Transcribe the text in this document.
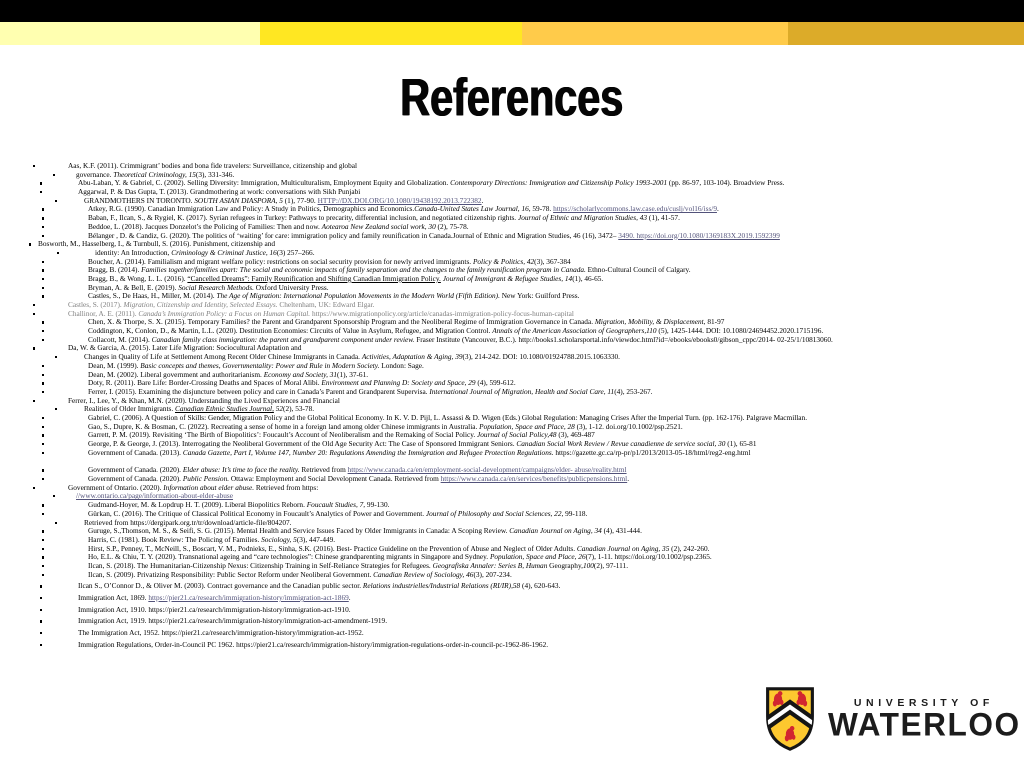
References
Aas, K.F. (2011). Crimmigrant’ bodies and bona fide travelers: Surveillance, citizenship and global
governance. Theoretical Criminology, 15(3), 331-346.
Abu-Laban, Y. & Gabriel, C. (2002). Selling Diversity: Immigration, Multiculturalism, Employment Equity and Globalization. Contemporary Directions: Immigration and Citizenship Policy 1993-2001 (pp. 86-97, 103-104). Broadview Press.
Aggarwal, P. & Das Gupta, T. (2013). Grandmothering at work: conversations with Sikh Punjabi
GRANDMOTHERS IN TORONTO. SOUTH ASIAN DIASPORA, 5 (1), 77-90. HTTP://DX.DOI.ORG/10.1080/19438192.2013.722382.
Atkey, R.G. (1990). Canadian Immigration Law and Policy: A Study in Politics, Demographics and Economics.Canada-United States Law Journal, 16, 59-78. https://scholarlycommons.law.case.edu/cuslj/vol16/iss/9.
Baban, F., Ilcan, S., & Rygiel, K. (2017). Syrian refugees in Turkey: Pathways to precarity, differential inclusion, and negotiated citizenship rights. Journal of Ethnic and Migration Studies, 43 (1), 41-57.
Beddoe, L. (2018). Jacques Donzelot’s the Policing of Families: Then and now. Aotearoa New Zealand social work, 30 (2), 75-78.
Bélanger , D. & Candiz, G. (2020). The politics of ‘waiting’ for care: immigration policy and family reunification in Canada.Journal of Ethnic and Migration Studies, 46 (16), 3472– 3490. https://doi.org/10.1080/1369183X.2019.1592399
Bosworth, M., Hasselberg, I., & Turnbull, S. (2016). Punishment, citizenship and
identity: An Introduction, Criminology & Criminal Justice, 16(3) 257–266.
Boucher, A. (2014). Familialism and migrant welfare policy: restrictions on social security provision for newly arrived immigrants. Policy & Politics, 42(3), 367-384
Bragg, B. (2014). Families together/families apart: The social and economic impacts of family separation and the changes to the family reunification program in Canada. Ethno-Cultural Council of Calgary.
Bragg, B., & Wong, L. L. (2016). “Cancelled Dreams”: Family Reunification and Shifting Canadian Immigration Policy. Journal of Immigrant & Refugee Studies, 14(1), 46-65.
Bryman, A. & Bell, E. (2019). Social Research Methods. Oxford University Press.
Castles, S., De Haas, H., Miller, M. (2014). The Age of Migration: International Population Movements in the Modern World (Fifth Edition). New York: Guilford Press.
Castles, S. (2017). Migration, Citizenship and Identity, Selected Essays. Cheltenham, UK: Edward Elgar.
Challinor, A. E. (2011). Canada’s Immigration Policy: a Focus on Human Capital. https://www.migrationpolicy.org/article/canadas-immigration-policy-focus-human-capital
Chen, X. & Thorpe, S. X. (2015). Temporary Families? the Parent and Grandparent Sponsorship Program and the Neoliberal Regime of Immigration Governance in Canada. Migration, Mobility, & Displacement, 81-97
Coddington, K, Conlon, D., & Martin, L.L. (2020). Destitution Economies: Circuits of Value in Asylum, Refugee, and Migration Control. Annals of the American Association of Geographers,110 (5), 1425-1444. DOI: 10.1080/24694452.2020.1715196.
Collacott, M. (2014). Canadian family class immigration: the parent and grandparent component under review. Fraser Institute (Vancouver, B.C.). http://books1.scholarsportal.info/viewdoc.html?id=/ebooks/ebooks0/gibson_cppc/2014- 02-25/1/10813060.
Da, W. & Garcia, A. (2015). Later Life Migration: Sociocultural Adaptation and
Changes in Quality of Life at Settlement Among Recent Older Chinese Immigrants in Canada. Activities, Adaptation & Aging, 39(3), 214-242. DOI: 10.1080/01924788.2015.1063330.
Dean, M. (1999). Basic concepts and themes, Governmentality: Power and Rule in Modern Society. London: Sage.
Dean, M. (2002). Liberal government and authoritarianism. Economy and Society, 31(1), 37-61.
Doty, R. (2011). Bare Life: Border-Crossing Deaths and Spaces of Moral Alibi. Environment and Planning D: Society and Space, 29 (4), 599-612.
Ferrer, I. (2015). Examining the disjuncture between policy and care in Canada’s Parent and Grandparent Supervisa. International Journal of Migration, Health and Social Care, 11(4), 253-267.
Ferrer, I., Lee, Y., & Khan, M.N. (2020). Understanding the Lived Experiences and Financial
Realities of Older Immigrants. Canadian Ethnic Studies Journal, 52(2), 53-78.
Gabriel, C. (2006). A Question of Skills: Gender, Migration Policy and the Global Political Economy. In K. V. D. Pijl, L. Assassi & D. Wigen (Eds.) Global Regulation: Managing Crises After the Imperial Turn. (pp. 162-176). Palgrave Macmillan.
Gao, S., Dupre, K. & Bosman, C. (2022). Recreating a sense of home in a foreign land among older Chinese immigrants in Australia. Population, Space and Place, 28 (3), 1-12. doi.org/10.1002/psp.2521.
Garrett, P. M. (2019). Revisiting ‘The Birth of Biopolitics’: Foucault’s Account of Neoliberalism and the Remaking of Social Policy. Journal of Social Policy,48 (3), 469-487
George, P. & George, J. (2013). Interrogating the Neoliberal Government of the Old Age Security Act: The Case of Sponsored Immigrant Seniors. Canadian Social Work Review / Revue canadienne de service social, 30 (1), 65-81
Government of Canada. (2013). Canada Gazette, Part I, Volume 147, Number 20: Regulations Amending the Immigration and Refugee Protection Regulations. https://gazette.gc.ca/rp-pr/p1/2013/2013-05-18/html/reg2-eng.html
Government of Canada. (2020). Elder abuse: It’s time to face the reality. Retrieved from https://www.canada.ca/en/employment-social-development/campaigns/elder- abuse/reality.html
Government of Canada. (2020). Public Pension. Ottawa: Employment and Social Development Canada. Retrieved from https://www.canada.ca/en/services/benefits/publicpensions.html.
Government of Ontario. (2020). Information about elder abuse. Retrieved from https:
//www.ontario.ca/page/information-about-elder-abuse
Gudmand-Hoyer, M. & Lopdrup H. T. (2009). Liberal Biopolitics Reborn. Foucault Studies, 7, 99-130.
Gürkan, C. (2016). The Critique of Classical Political Economy in Foucault’s Analytics of Power and Government. Journal of Philosophy and Social Sciences, 22, 99-118.
Retrieved from https://dergipark.org.tr/tr/download/article-file/804207.
Guruge, S.,Thomson, M. S., & Seifi, S. G. (2015). Mental Health and Service Issues Faced by Older Immigrants in Canada: A Scoping Review. Canadian Journal on Aging, 34 (4), 431-444.
Harris, C. (1981). Book Review: The Policing of Families. Sociology, 5(3), 447-449.
Hirst, S.P., Penney, T., McNeill, S., Boscart, V. M., Podnieks, E., Sinha, S.K. (2016). Best- Practice Guideline on the Prevention of Abuse and Neglect of Older Adults. Canadian Journal on Aging, 35 (2), 242-260.
Ho, E.L. & Chiu, T. Y. (2020). Transnational ageing and “care technologies”: Chinese grandparenting migrants in Singapore and Sydney. Population, Space and Place, 26(7), 1-11. https://doi.org/10.1002/psp.2365.
Ilcan, S. (2018). The Humanitarian-Citizenship Nexus: Citizenship Training in Self-Reliance Strategies for Refugees. Geografiska Annaler: Series B, Human Geography,100(2), 97-111.
Ilcan, S. (2009). Privatizing Responsibility: Public Sector Reform under Neoliberal Government. Canadian Review of Sociology, 46(3), 207-234.
Ilcan S., O’Connor D., & Oliver M. (2003). Contract governance and the Canadian public sector. Relations industrielles/Industrial Relations (RI/IR),58 (4), 620-643.
Immigration Act, 1869. https://pier21.ca/research/immigration-history/immigration-act-1869.
Immigration Act, 1910. https://pier21.ca/research/immigration-history/immigration-act-1910.
Immigration Act, 1919. https://pier21.ca/research/immigration-history/immigration-act-amendment-1919.
The Immigration Act, 1952. https://pier21.ca/research/immigration-history/immigration-act-1952.
Immigration Regulations, Order-in-Council PC 1962. https://pier21.ca/research/immigration-history/immigration-regulations-order-in-council-pc-1962-86-1962.
UNIVERSITY OF
WATERLOO
